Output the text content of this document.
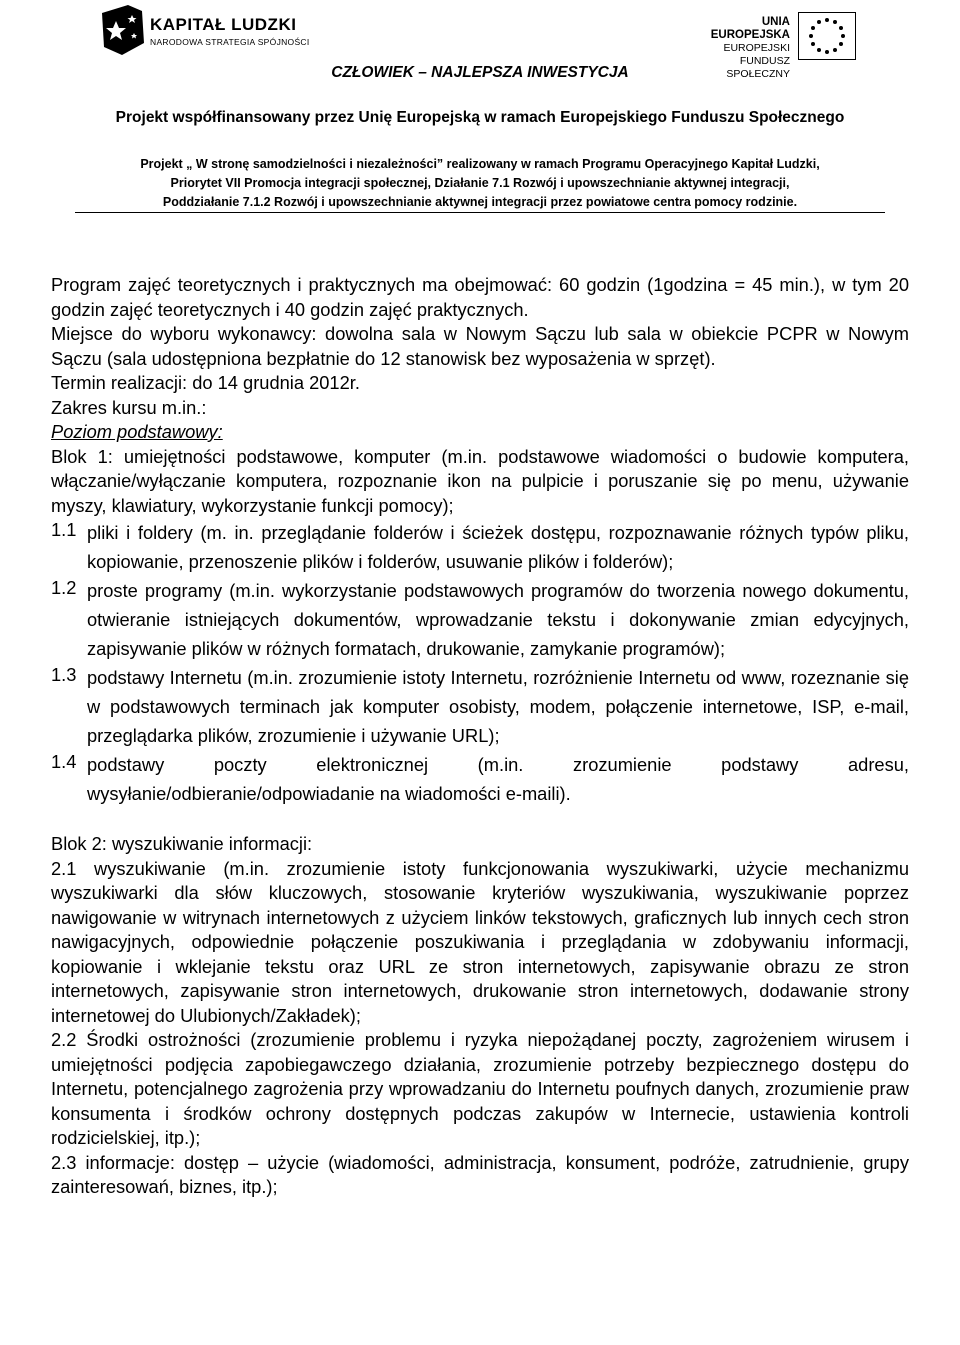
KAPITAŁ LUDZKI
NARODOWA STRATEGIA SPÓJNOŚCI
UNIA EUROPEJSKA
EUROPEJSKI
FUNDUSZ SPOŁECZNY
CZŁOWIEK – NAJLEPSZA INWESTYCJA
Projekt współfinansowany przez Unię Europejską w ramach Europejskiego Funduszu Społecznego
Projekt „ W stronę samodzielności i niezależności” realizowany w ramach Programu Operacyjnego Kapitał Ludzki,
Priorytet VII Promocja integracji społecznej, Działanie 7.1 Rozwój i upowszechnianie aktywnej integracji,
Poddziałanie 7.1.2 Rozwój i upowszechnianie aktywnej integracji przez powiatowe centra pomocy rodzinie.

Program zajęć teoretycznych i praktycznych ma obejmować: 60 godzin (1godzina = 45 min.), w tym 20 godzin zajęć teoretycznych i 40 godzin zajęć praktycznych.

Miejsce do wyboru wykonawcy: dowolna sala w Nowym Sączu lub sala w obiekcie PCPR w Nowym Sączu (sala udostępniona bezpłatnie do 12 stanowisk bez wyposażenia w sprzęt).

Termin realizacji: do 14 grudnia 2012r.

Zakres kursu m.in.:

Poziom podstawowy:

Blok 1: umiejętności podstawowe, komputer (m.in. podstawowe wiadomości o budowie komputera, włączanie/wyłączanie komputera, rozpoznanie ikon na pulpicie i poruszanie się po menu, używanie myszy, klawiatury, wykorzystanie funkcji pomocy);

1.1 pliki i foldery (m. in. przeglądanie folderów i ścieżek dostępu, rozpoznawanie różnych typów pliku, kopiowanie, przenoszenie plików i folderów, usuwanie plików i folderów);
1.2 proste programy (m.in. wykorzystanie podstawowych programów do tworzenia nowego dokumentu, otwieranie istniejących dokumentów, wprowadzanie tekstu i dokonywanie zmian edycyjnych, zapisywanie plików w różnych formatach, drukowanie, zamykanie programów);
1.3 podstawy Internetu (m.in. zrozumienie istoty Internetu, rozróżnienie Internetu od www, rozeznanie się w podstawowych terminach jak komputer osobisty, modem, połączenie internetowe, ISP, e-mail, przeglądarka plików, zrozumienie i używanie URL);
1.4 podstawy poczty elektronicznej (m.in. zrozumienie podstawy adresu, wysyłanie/odbieranie/odpowiadanie na wiadomości e-maili).

Blok 2: wyszukiwanie informacji:

2.1 wyszukiwanie (m.in. zrozumienie istoty funkcjonowania wyszukiwarki, użycie mechanizmu wyszukiwarki dla słów kluczowych, stosowanie kryteriów wyszukiwania, wyszukiwanie poprzez nawigowanie w witrynach internetowych z użyciem linków tekstowych, graficznych lub innych cech stron nawigacyjnych, odpowiednie połączenie poszukiwania i przeglądania w zdobywaniu informacji, kopiowanie i wklejanie tekstu oraz URL ze stron internetowych, zapisywanie obrazu ze stron internetowych, zapisywanie stron internetowych, drukowanie stron internetowych, dodawanie strony internetowej do Ulubionych/Zakładek);

2.2 Środki ostrożności (zrozumienie problemu i ryzyka niepożądanej poczty, zagrożeniem wirusem i umiejętności podjęcia zapobiegawczego działania, zrozumienie potrzeby bezpiecznego dostępu do Internetu, potencjalnego zagrożenia przy wprowadzaniu do Internetu poufnych danych, zrozumienie praw konsumenta i środków ochrony dostępnych podczas zakupów w Internecie, ustawienia kontroli rodzicielskiej, itp.);

2.3 informacje: dostęp – użycie (wiadomości, administracja, konsument, podróże, zatrudnienie, grupy zainteresowań, biznes, itp.);
